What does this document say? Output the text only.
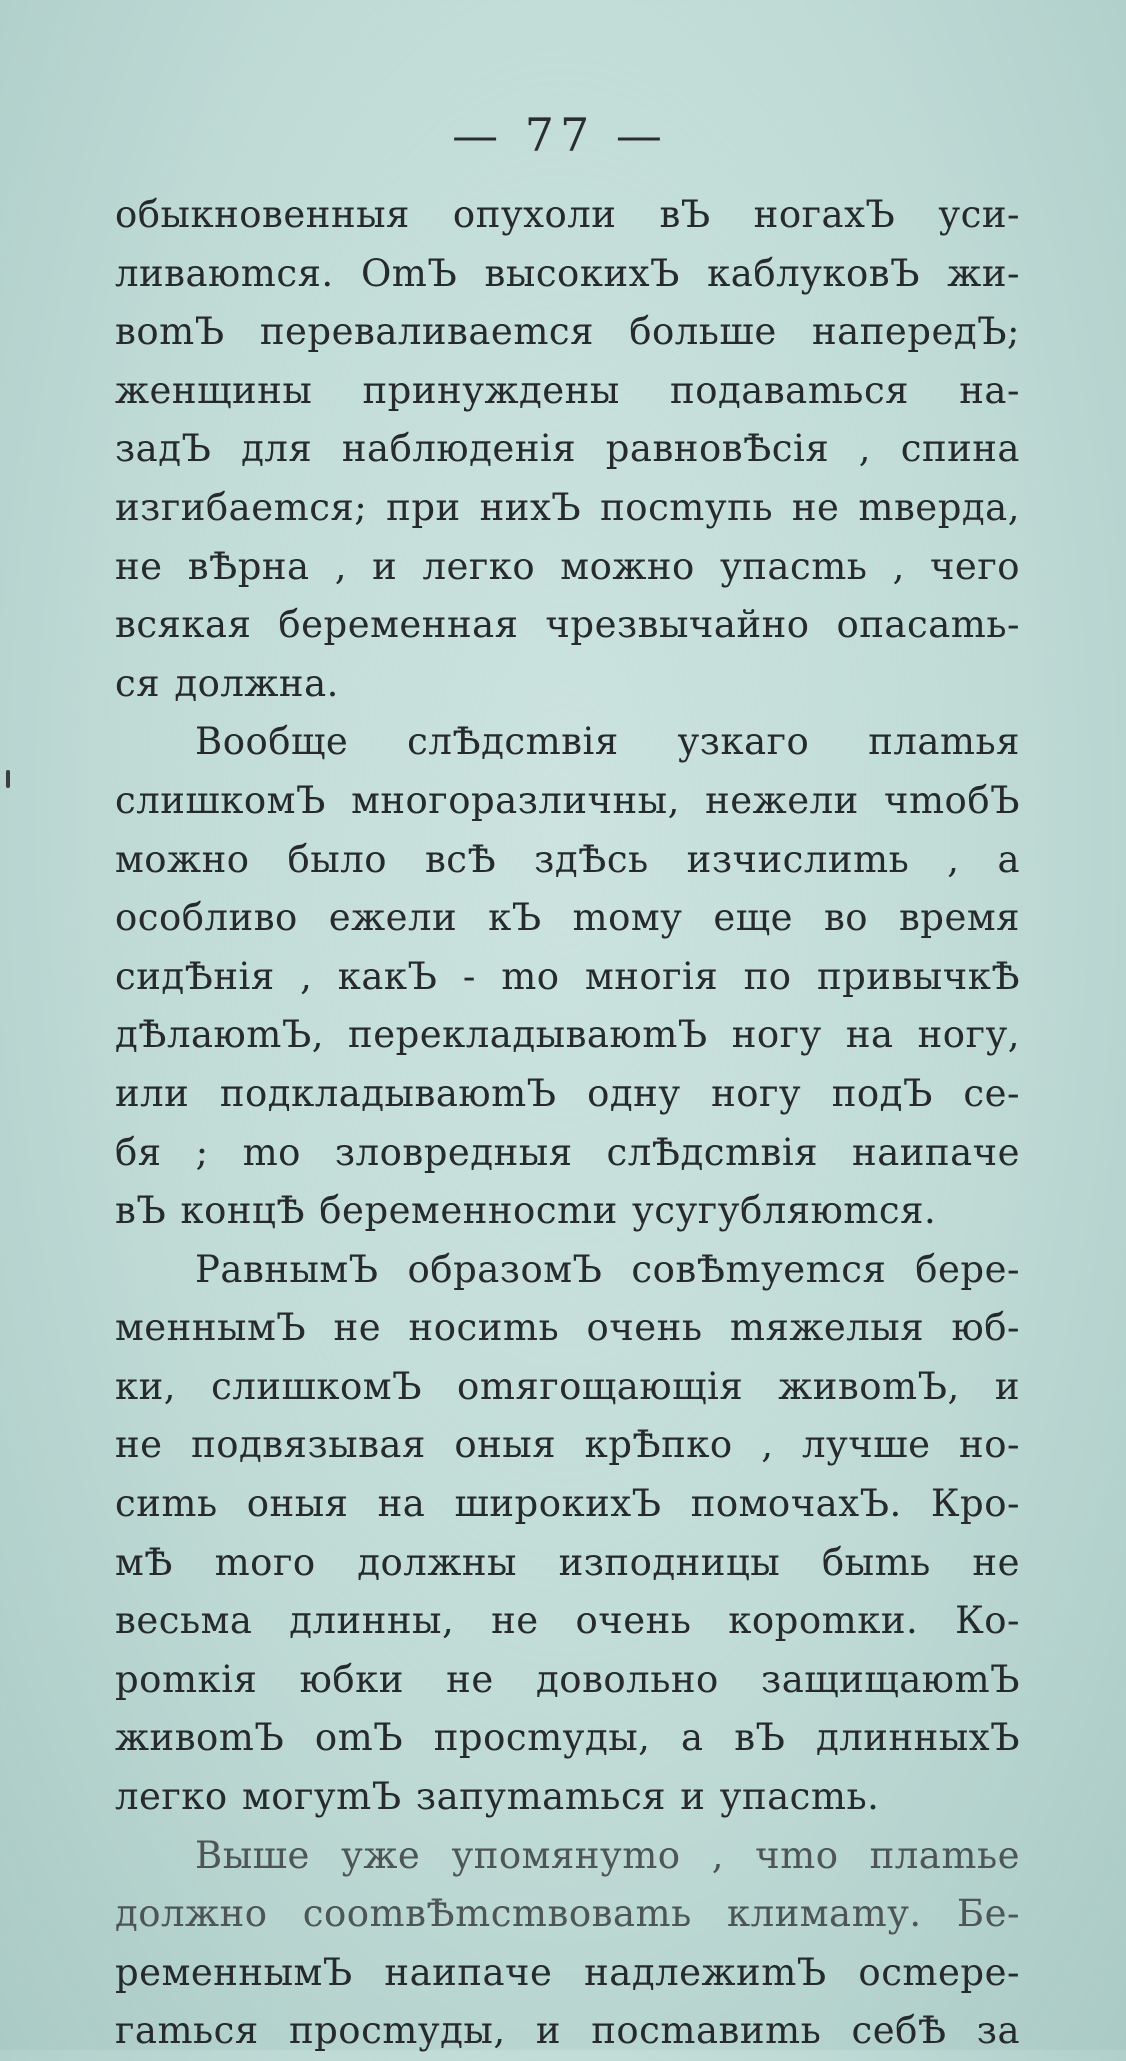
— 77 —
обыкновенныя опухоли вЪ ногахЪ уси-
ливаюmся. ОmЪ высокихЪ каблуковЪ жи-
воmЪ переваливаеmся больше напередЪ;
женщины принуждены подаваmься на-
задЪ для наблюденiя равновѢсiя , спина
изгибаеmся; при нихЪ посmупь не mверда,
не вѢрна , и легко можно упасmь , чего
всякая беременная чрезвычайно опасаmь-
ся должна.
Вообще слѢдсmвiя узкаго плаmья
слишкомЪ многоразличны, нежели чmобЪ
можно было всѢ здѢсь изчислиmь , а
особливо ежели кЪ mому еще во время
сидѢнiя , какЪ - mо многiя по привычкѢ
дѢлаюmЪ, перекладываюmЪ ногу на ногу,
или подкладываюmЪ одну ногу подЪ се-
бя ; mо зловредныя слѢдсmвiя наипаче
вЪ концѢ беременносmи усугубляюmся.
РавнымЪ образомЪ совѢmуеmся бере-
меннымЪ не носиmь очень mяжелыя юб-
ки, слишкомЪ omягощающiя живоmЪ, и
не подвязывая оныя крѢпко , лучше но-
сиmь оныя на широкихЪ помочахЪ. Кро-
мѢ mого должны изподницы быmь не
весьма длинны, не очень короmки. Ко-
роmкiя юбки не довольно защищаюmЪ
живоmЪ omЪ просmуды, а вЪ длинныхЪ
легко могуmЪ запуmаmься и упасmь.
Выше уже упомянуmо , чmо плаmье
должно сооmвѢmсmвоваmь климаmу. Бе-
ременнымЪ наипаче надлежиmЪ осmере-
гаmься просmуды, и посmавиmь себѢ за
